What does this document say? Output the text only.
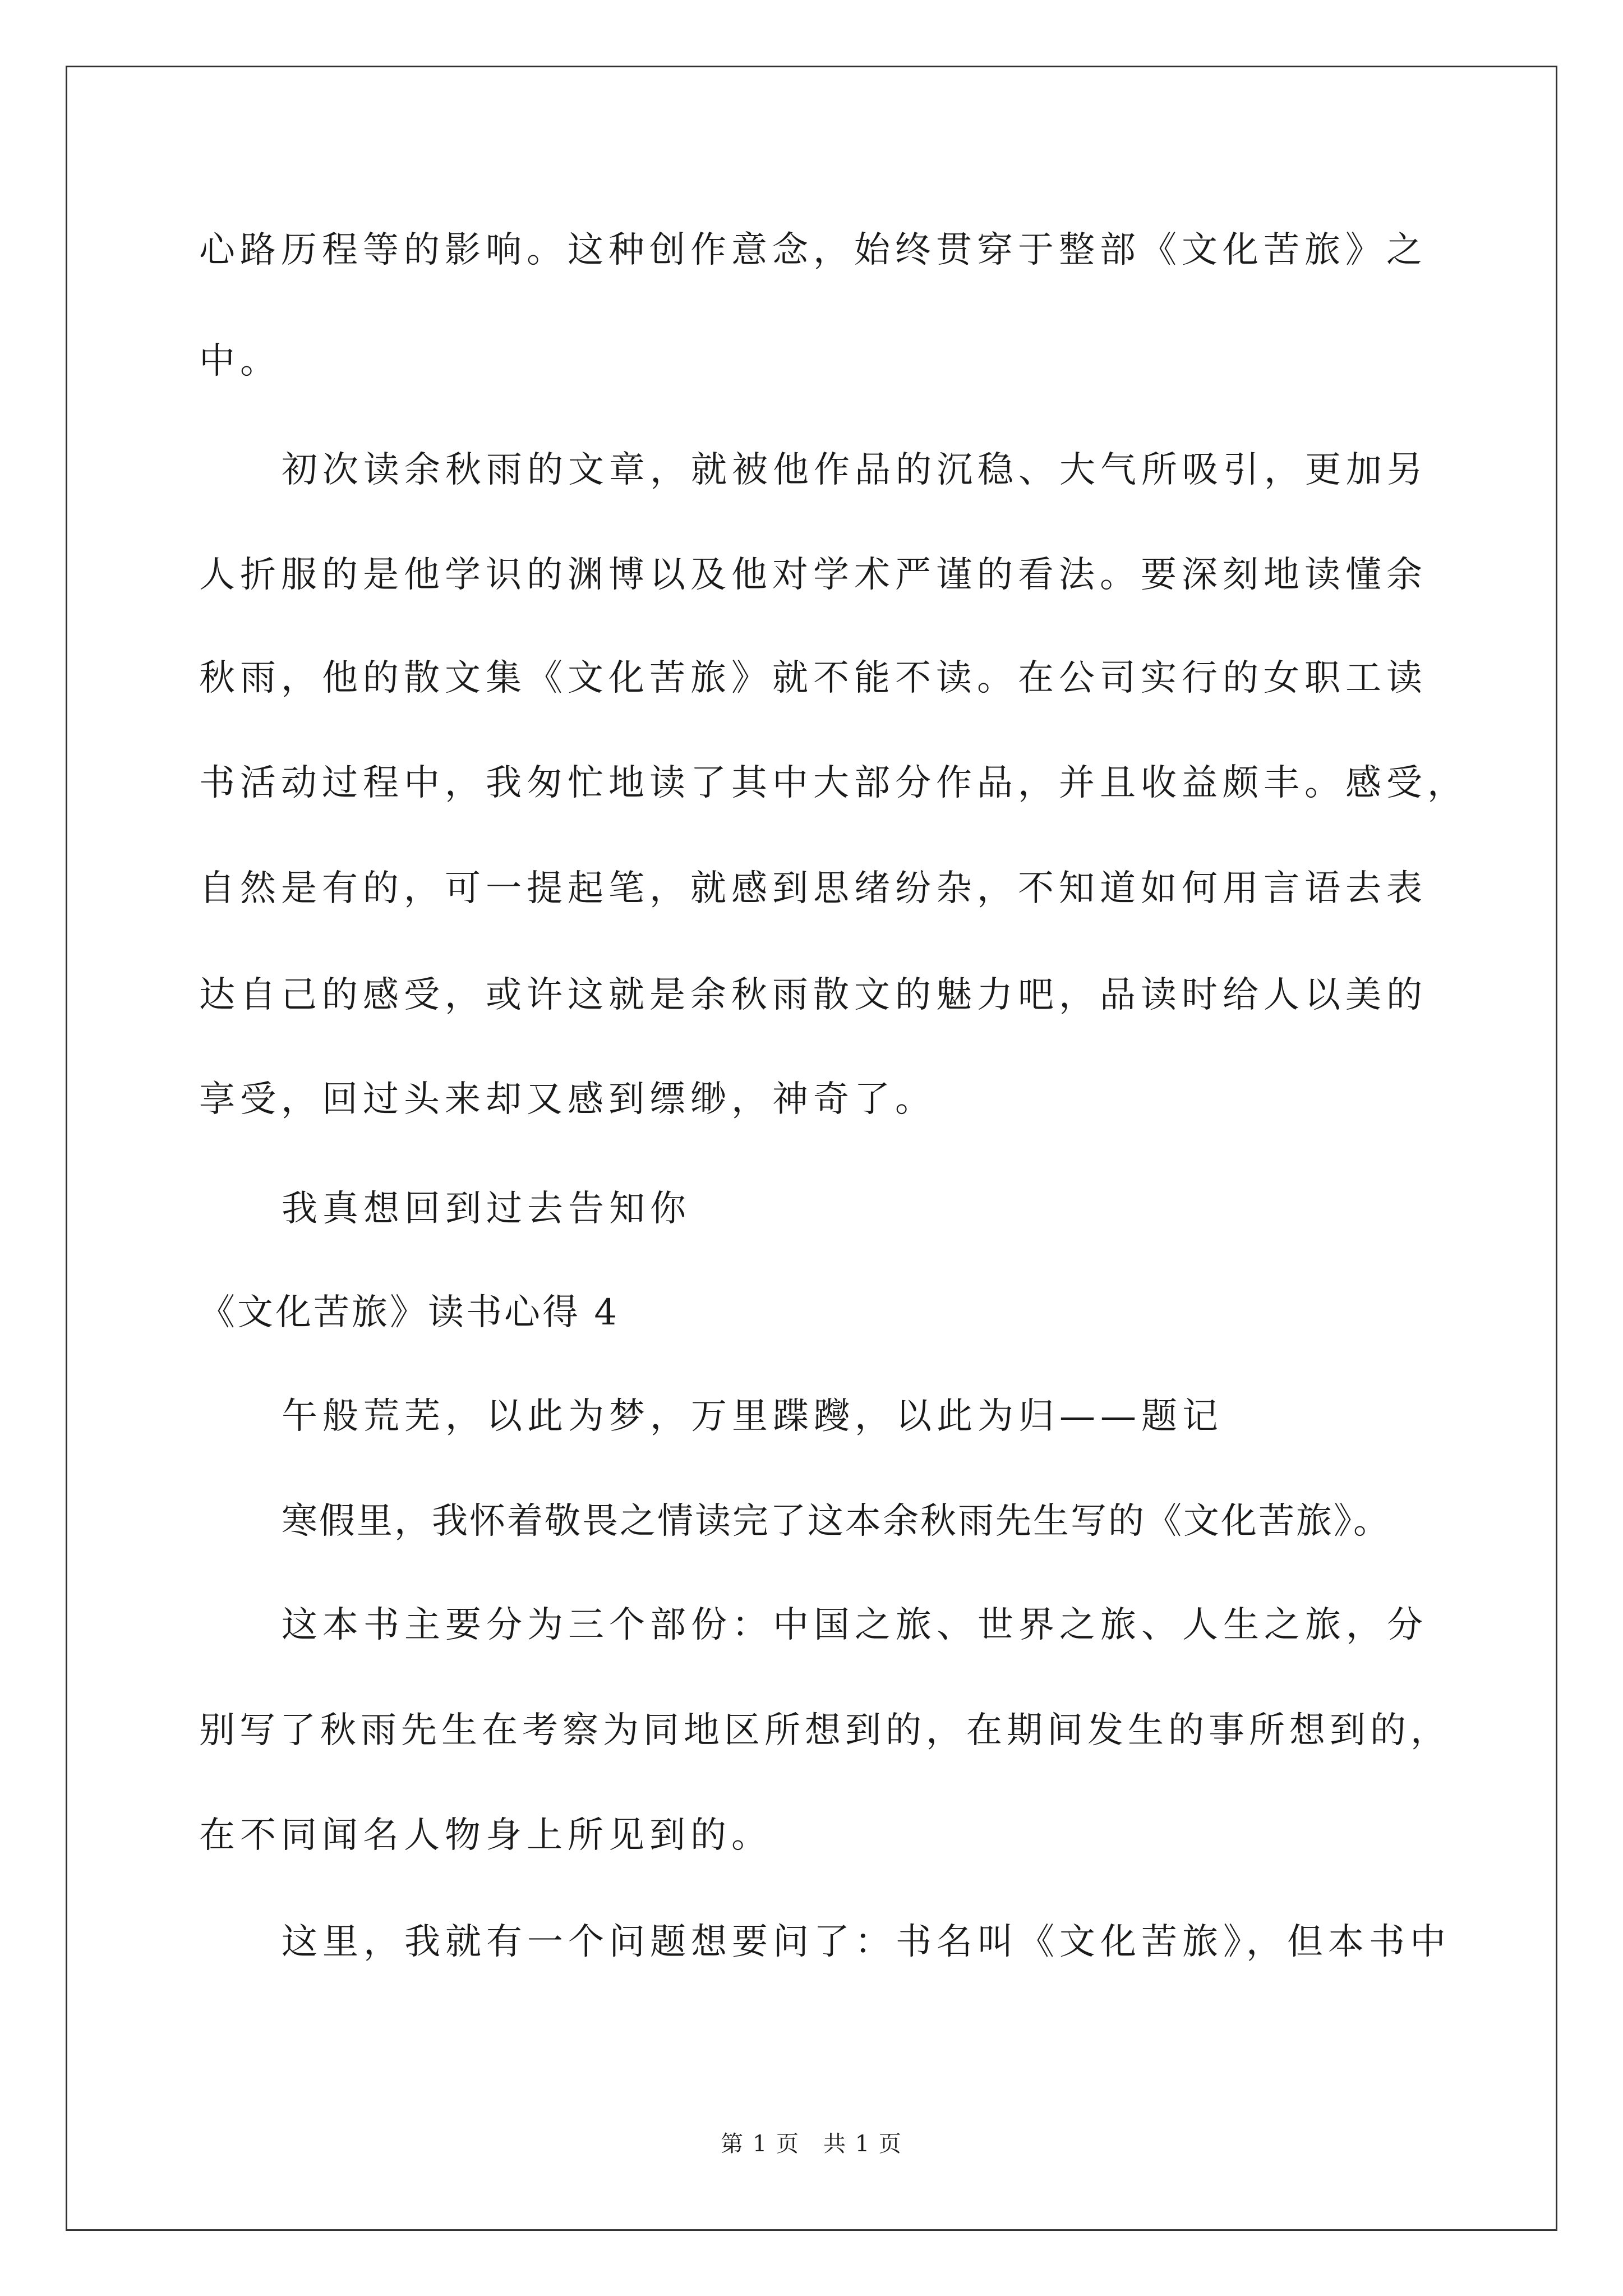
心路历程等的影响。这种创作意念，始终贯穿于整部《文化苦旅》之
中。
初次读余秋雨的文章，就被他作品的沉稳、大气所吸引，更加另
人折服的是他学识的渊博以及他对学术严谨的看法。要深刻地读懂余
秋雨，他的散文集《文化苦旅》就不能不读。在公司实行的女职工读
书活动过程中，我匆忙地读了其中大部分作品，并且收益颇丰。感受，
自然是有的，可一提起笔，就感到思绪纷杂，不知道如何用言语去表
达自己的感受，或许这就是余秋雨散文的魅力吧，品读时给人以美的
享受，回过头来却又感到缥缈，神奇了。
我真想回到过去告知你
《文化苦旅》读书心得 4
午般荒芜，以此为梦，万里蹀躞，以此为归——题记
寒假里，我怀着敬畏之情读完了这本余秋雨先生写的《文化苦旅》。
这本书主要分为三个部份：中国之旅、世界之旅、人生之旅，分
别写了秋雨先生在考察为同地区所想到的，在期间发生的事所想到的，
在不同闻名人物身上所见到的。
这里，我就有一个问题想要问了：书名叫《文化苦旅》，但本书中
第 1 页　共 1 页
